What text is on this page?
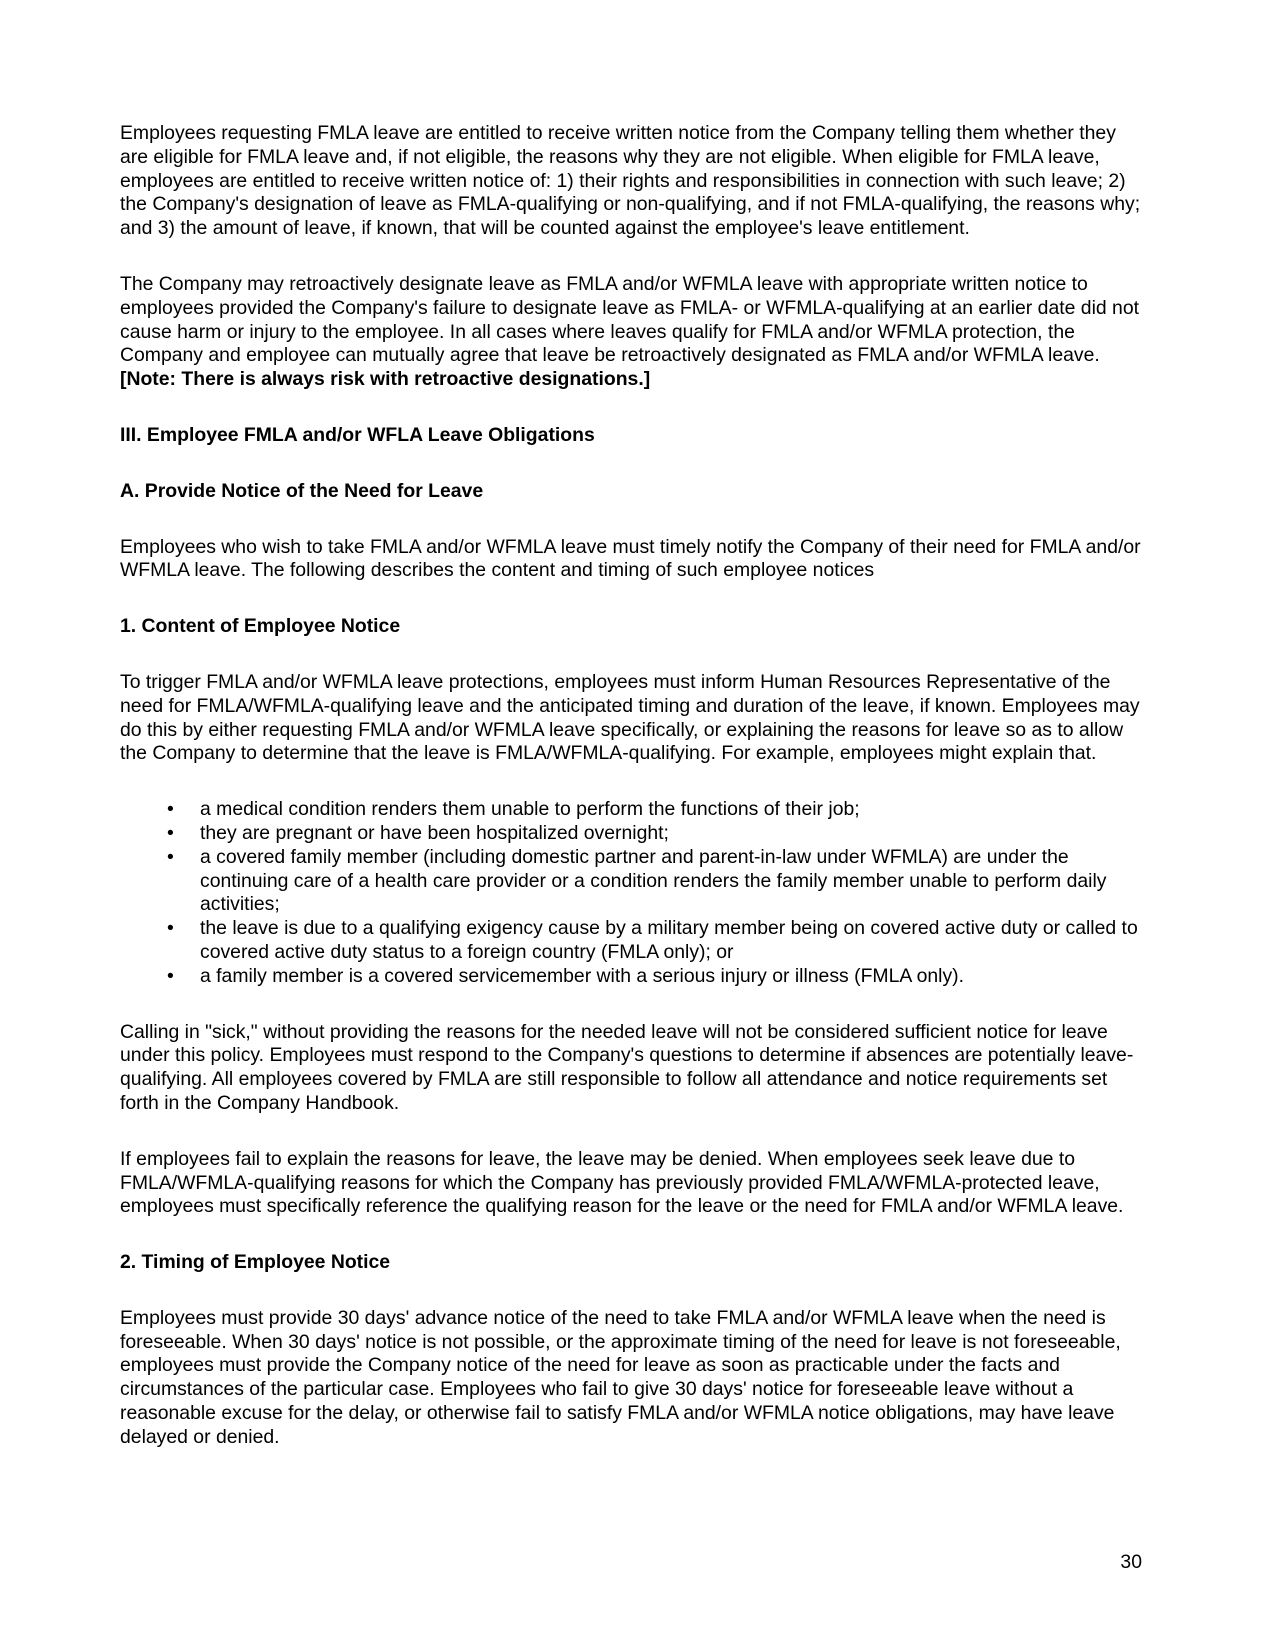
Employees requesting FMLA leave are entitled to receive written notice from the Company telling them whether they are eligible for FMLA leave and, if not eligible, the reasons why they are not eligible. When eligible for FMLA leave, employees are entitled to receive written notice of: 1) their rights and responsibilities in connection with such leave; 2) the Company's designation of leave as FMLA-qualifying or non-qualifying, and if not FMLA-qualifying, the reasons why; and 3) the amount of leave, if known, that will be counted against the employee's leave entitlement.

The Company may retroactively designate leave as FMLA and/or WFMLA leave with appropriate written notice to employees provided the Company's failure to designate leave as FMLA- or WFMLA-qualifying at an earlier date did not cause harm or injury to the employee. In all cases where leaves qualify for FMLA and/or WFMLA protection, the Company and employee can mutually agree that leave be retroactively designated as FMLA and/or WFMLA leave. [Note: There is always risk with retroactive designations.]

III. Employee FMLA and/or WFLA Leave Obligations
A. Provide Notice of the Need for Leave

Employees who wish to take FMLA and/or WFMLA leave must timely notify the Company of their need for FMLA and/or WFMLA leave. The following describes the content and timing of such employee notices

1. Content of Employee Notice

To trigger FMLA and/or WFMLA leave protections, employees must inform Human Resources Representative of the need for FMLA/WFMLA-qualifying leave and the anticipated timing and duration of the leave, if known. Employees may do this by either requesting FMLA and/or WFMLA leave specifically, or explaining the reasons for leave so as to allow the Company to determine that the leave is FMLA/WFMLA-qualifying. For example, employees might explain that.

• a medical condition renders them unable to perform the functions of their job;
• they are pregnant or have been hospitalized overnight;
• a covered family member (including domestic partner and parent-in-law under WFMLA) are under the continuing care of a health care provider or a condition renders the family member unable to perform daily activities;
• the leave is due to a qualifying exigency cause by a military member being on covered active duty or called to covered active duty status to a foreign country (FMLA only); or
• a family member is a covered servicemember with a serious injury or illness (FMLA only).

Calling in "sick," without providing the reasons for the needed leave will not be considered sufficient notice for leave under this policy. Employees must respond to the Company's questions to determine if absences are potentially leave-qualifying. All employees covered by FMLA are still responsible to follow all attendance and notice requirements set forth in the Company Handbook.

If employees fail to explain the reasons for leave, the leave may be denied. When employees seek leave due to FMLA/WFMLA-qualifying reasons for which the Company has previously provided FMLA/WFMLA-protected leave, employees must specifically reference the qualifying reason for the leave or the need for FMLA and/or WFMLA leave.

2. Timing of Employee Notice

Employees must provide 30 days' advance notice of the need to take FMLA and/or WFMLA leave when the need is foreseeable. When 30 days' notice is not possible, or the approximate timing of the need for leave is not foreseeable, employees must provide the Company notice of the need for leave as soon as practicable under the facts and circumstances of the particular case. Employees who fail to give 30 days' notice for foreseeable leave without a reasonable excuse for the delay, or otherwise fail to satisfy FMLA and/or WFMLA notice obligations, may have leave delayed or denied.

30
